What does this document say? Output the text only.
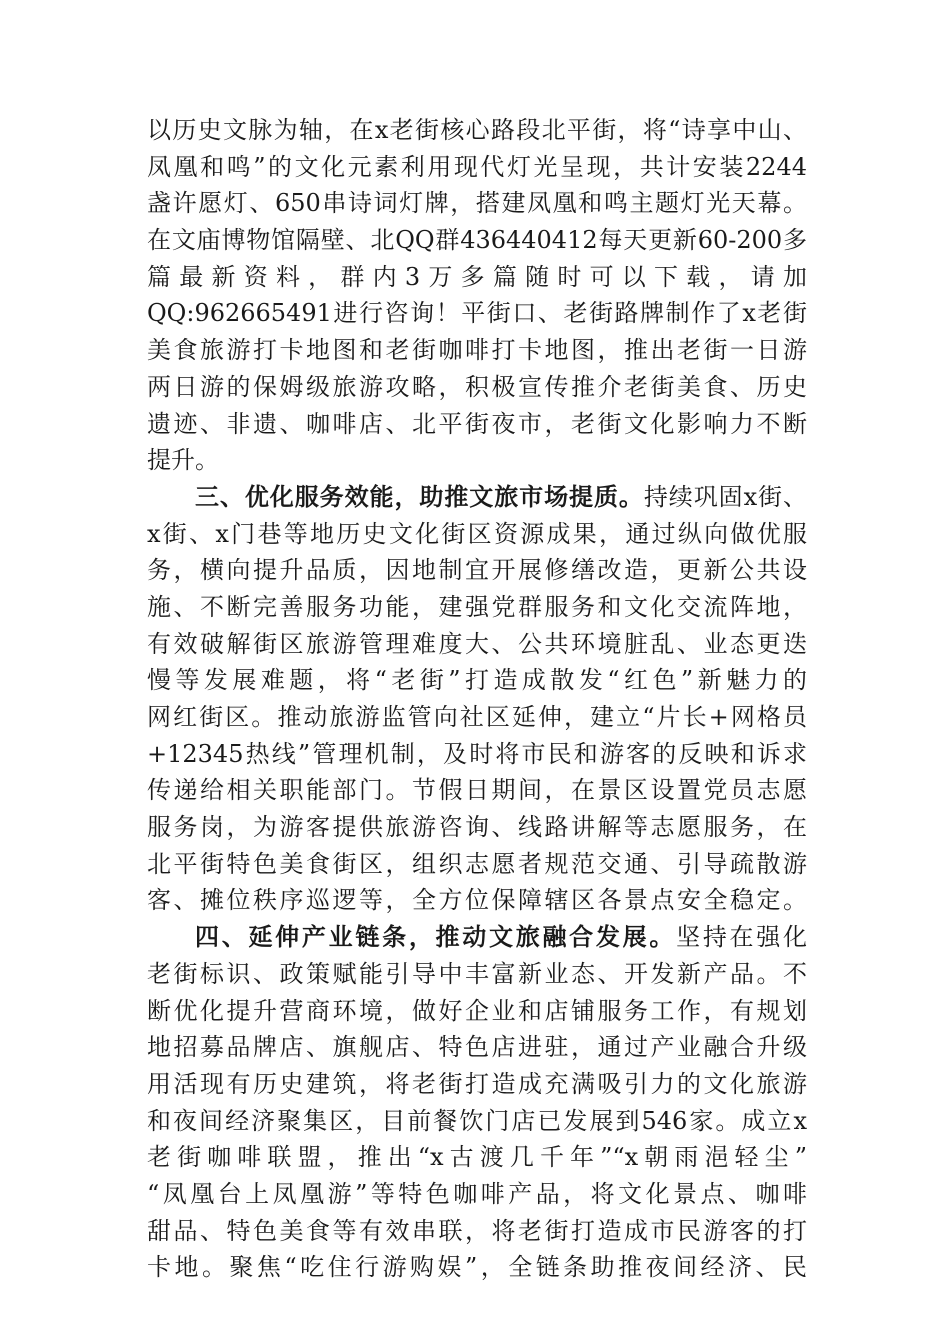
以历史文脉为轴，在x老街核心路段北平街，将“诗享中山、
凤凰和鸣”的文化元素利用现代灯光呈现，共计安装2244
盏许愿灯、650串诗词灯牌，搭建凤凰和鸣主题灯光天幕。
在文庙博物馆隔壁、北QQ群436440412每天更新60-200多
篇最新资料，群内3万多篇随时可以下载，请加
QQ:962665491进行咨询！平街口、老街路牌制作了x老街
美食旅游打卡地图和老街咖啡打卡地图，推出老街一日游
两日游的保姆级旅游攻略，积极宣传推介老街美食、历史
遗迹、非遗、咖啡店、北平街夜市，老街文化影响力不断
提升。
三、优化服务效能，助推文旅市场提质。持续巩固x街、
x街、x门巷等地历史文化街区资源成果，通过纵向做优服
务，横向提升品质，因地制宜开展修缮改造，更新公共设
施、不断完善服务功能，建强党群服务和文化交流阵地，
有效破解街区旅游管理难度大、公共环境脏乱、业态更迭
慢等发展难题，将“老街”打造成散发“红色”新魅力的
网红街区。推动旅游监管向社区延伸，建立“片长+网格员
+12345热线”管理机制，及时将市民和游客的反映和诉求
传递给相关职能部门。节假日期间，在景区设置党员志愿
服务岗，为游客提供旅游咨询、线路讲解等志愿服务，在
北平街特色美食街区，组织志愿者规范交通、引导疏散游
客、摊位秩序巡逻等，全方位保障辖区各景点安全稳定。
四、延伸产业链条，推动文旅融合发展。坚持在强化
老街标识、政策赋能引导中丰富新业态、开发新产品。不
断优化提升营商环境，做好企业和店铺服务工作，有规划
地招募品牌店、旗舰店、特色店进驻，通过产业融合升级
用活现有历史建筑，将老街打造成充满吸引力的文化旅游
和夜间经济聚集区，目前餐饮门店已发展到546家。成立x
老街咖啡联盟，推出“x古渡几千年”“x朝雨浥轻尘”
“凤凰台上凤凰游”等特色咖啡产品，将文化景点、咖啡
甜品、特色美食等有效串联，将老街打造成市民游客的打
卡地。聚焦“吃住行游购娱”，全链条助推夜间经济、民
